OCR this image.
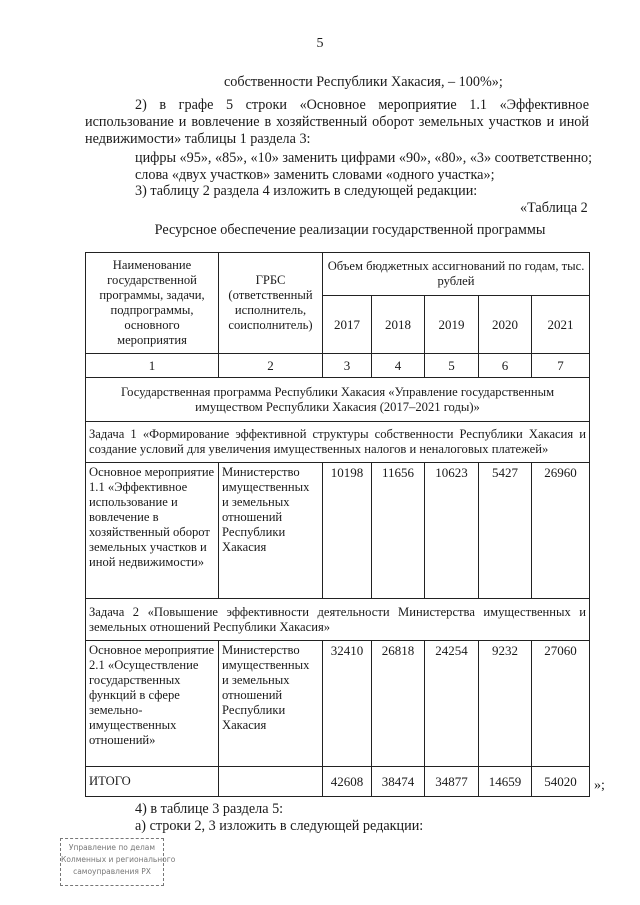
5
собственности Республики Хакасия, – 100%»;
2) в графе 5 строки «Основное мероприятие 1.1 «Эффективное
использование и вовлечение в хозяйственный оборот земельных участков и иной
недвижимости» таблицы 1 раздела 3:
цифры «95», «85», «10» заменить цифрами «90», «80», «3» соответственно;
слова «двух участков» заменить словами «одного участка»;
3) таблицу 2 раздела 4 изложить в следующей редакции:
«Таблица 2
Ресурсное обеспечение реализации государственной программы
Наименование государственной программы, задачи, подпрограммы, основного мероприятия	ГРБС (ответственный исполнитель, соисполнитель)	Объем бюджетных ассигнований по годам, тыс. рублей				
		2017	2018	2019	2020	2021
1	2	3	4	5	6	7
Государственная программа Республики Хакасия «Управление государственным имуществом Республики Хакасия (2017–2021 годы)»						
Задача 1 «Формирование эффективной структуры собственности Республики Хакасия и создание условий для увеличения имущественных налогов и неналоговых платежей»						
Основное мероприятие 1.1 «Эффективное использование и вовлечение в хозяйственный оборот земельных участков и иной недвижимости»	Министерство имущественных и земельных отношений Республики Хакасия	10198	11656	10623	5427	26960
Задача 2 «Повышение эффективности деятельности Министерства имущественных и земельных отношений Республики Хакасия»						
Основное мероприятие 2.1 «Осуществление государственных функций в сфере земельно-имущественных отношений»	Министерство имущественных и земельных отношений Республики Хакасия	32410	26818	24254	9232	27060
ИТОГО		42608	38474	34877	14659	54020 »;
4) в таблице 3 раздела 5:
а) строки 2, 3 изложить в следующей редакции:
Управление по делам
Колменных и регионального
самоуправления РХ
